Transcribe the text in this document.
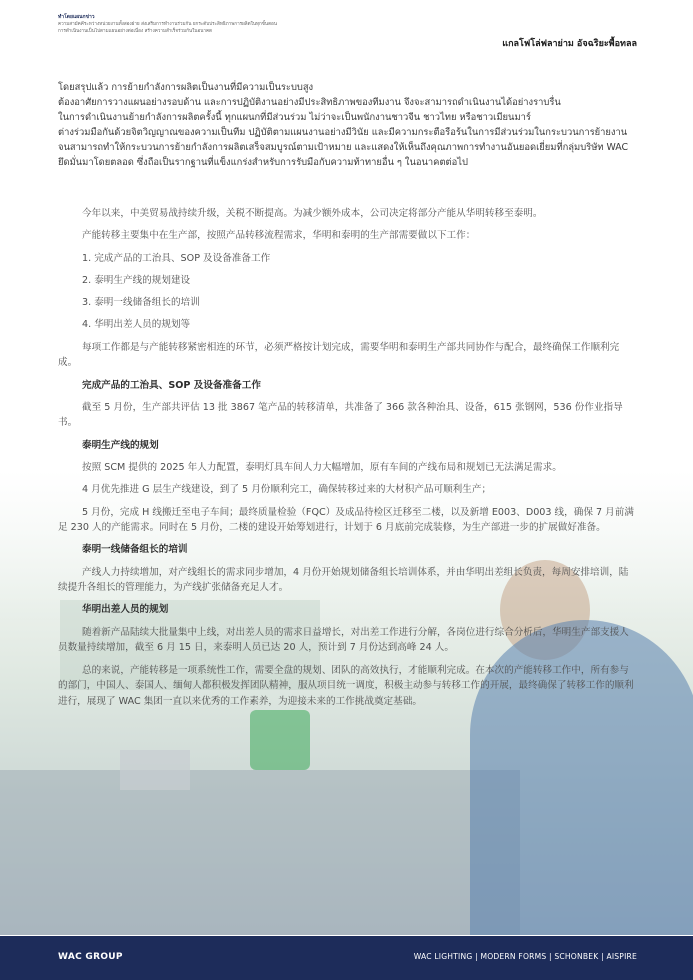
ทำโดยแผนกข่าว
ความสามัคคีระหว่างหน่วยงานทั้งสองฝ่าย ส่งเสริมการทำงานร่วมกัน ยกระดับประสิทธิภาพการผลิตในทุกขั้นตอน
การดำเนินงานเป็นไปตามแผนอย่างต่อเนื่อง สร้างความสำเร็จร่วมกันในอนาคต
แกลโฟโล่ฟลาย่าม อัจฉริยะพื้อทลล

โดยสรุปแล้ว การย้ายกำลังการผลิตเป็นงานที่มีความเป็นระบบสูง

ต้องอาศัยการวางแผนอย่างรอบด้าน และการปฏิบัติงานอย่างมีประสิทธิภาพของทีมงาน จึงจะสามารถดำเนินงานได้อย่างราบรื่น

ในการดำเนินงานย้ายกำลังการผลิตครั้งนี้ ทุกแผนกที่มีส่วนร่วม ไม่ว่าจะเป็นพนักงานชาวจีน ชาวไทย หรือชาวเมียนมาร์

ต่างร่วมมือกันด้วยจิตวิญญาณของความเป็นทีม ปฏิบัติตามแผนงานอย่างมีวินัย และมีความกระตือรือร้นในการมีส่วนร่วมในกระบวนการย้ายงาน จนสามารถทำให้กระบวนการย้ายกำลังการผลิตเสร็จสมบูรณ์ตามเป้าหมาย และแสดงให้เห็นถึงคุณภาพการทำงานอันยอดเยี่ยมที่กลุ่มบริษัท WAC ยึดมั่นมาโดยตลอด ซึ่งถือเป็นรากฐานที่แข็งแกร่งสำหรับการรับมือกับความท้าทายอื่น ๆ ในอนาคตต่อไป

今年以来，中美贸易战持续升级，关税不断提高。为减少额外成本，公司决定将部分产能从华明转移至泰明。

产能转移主要集中在生产部，按照产品转移流程需求，华明和泰明的生产部需要做以下工作：

1. 完成产品的工治具、SOP 及设备准备工作
2. 泰明生产线的规划建设
3. 泰明一线储备组长的培训
4. 华明出差人员的规划等

每项工作都是与产能转移紧密相连的环节，必须严格按计划完成，需要华明和泰明生产部共同协作与配合，最终确保工作顺利完成。

完成产品的工治具、SOP 及设备准备工作

截至 5 月份，生产部共评估 13 批 3867 笔产品的转移清单，共准备了 366 款各种治具、设备，615 张钢网，536 份作业指导书。

泰明生产线的规划

按照 SCM 提供的 2025 年人力配置，泰明灯具车间人力大幅增加，原有车间的产线布局和规划已无法满足需求。

4 月优先推进 G 层生产线建设，到了 5 月份顺利完工，确保转移过来的大材积产品可顺利生产；

5 月份，完成 H 线搬迁至电子车间；最终质量检验（FQC）及成品待检区迁移至二楼，以及新增 E003、D003 线，确保 7 月前满足 230 人的产能需求。同时在 5 月份，二楼的建设开始筹划进行，计划于 6 月底前完成装修，为生产部进一步的扩展做好准备。

泰明一线储备组长的培训

产线人力持续增加，对产线组长的需求同步增加，4 月份开始规划储备组长培训体系，并由华明出差组长负责，每周安排培训，陆续提升各组长的管理能力，为产线扩张储备充足人才。

华明出差人员的规划

随着新产品陆续大批量集中上线，对出差人员的需求日益增长，对出差工作进行分解，各岗位进行综合分析后，华明生产部支援人员数量持续增加，截至 6 月 15 日，来泰明人员已达 20 人，预计到 7 月份达到高峰 24 人。

总的来说，产能转移是一项系统性工作，需要全盘的规划、团队的高效执行，才能顺利完成。在本次的产能转移工作中，所有参与的部门，中国人、泰国人、缅甸人都积极发挥团队精神，服从项目统一调度，积极主动参与转移工作的开展，最终确保了转移工作的顺利进行，展现了 WAC 集团一直以来优秀的工作素养，为迎接未来的工作挑战奠定基础。

WAC GROUP	WAC LIGHTING | MODERN FORMS | SCHONBEK | AISPIRE
